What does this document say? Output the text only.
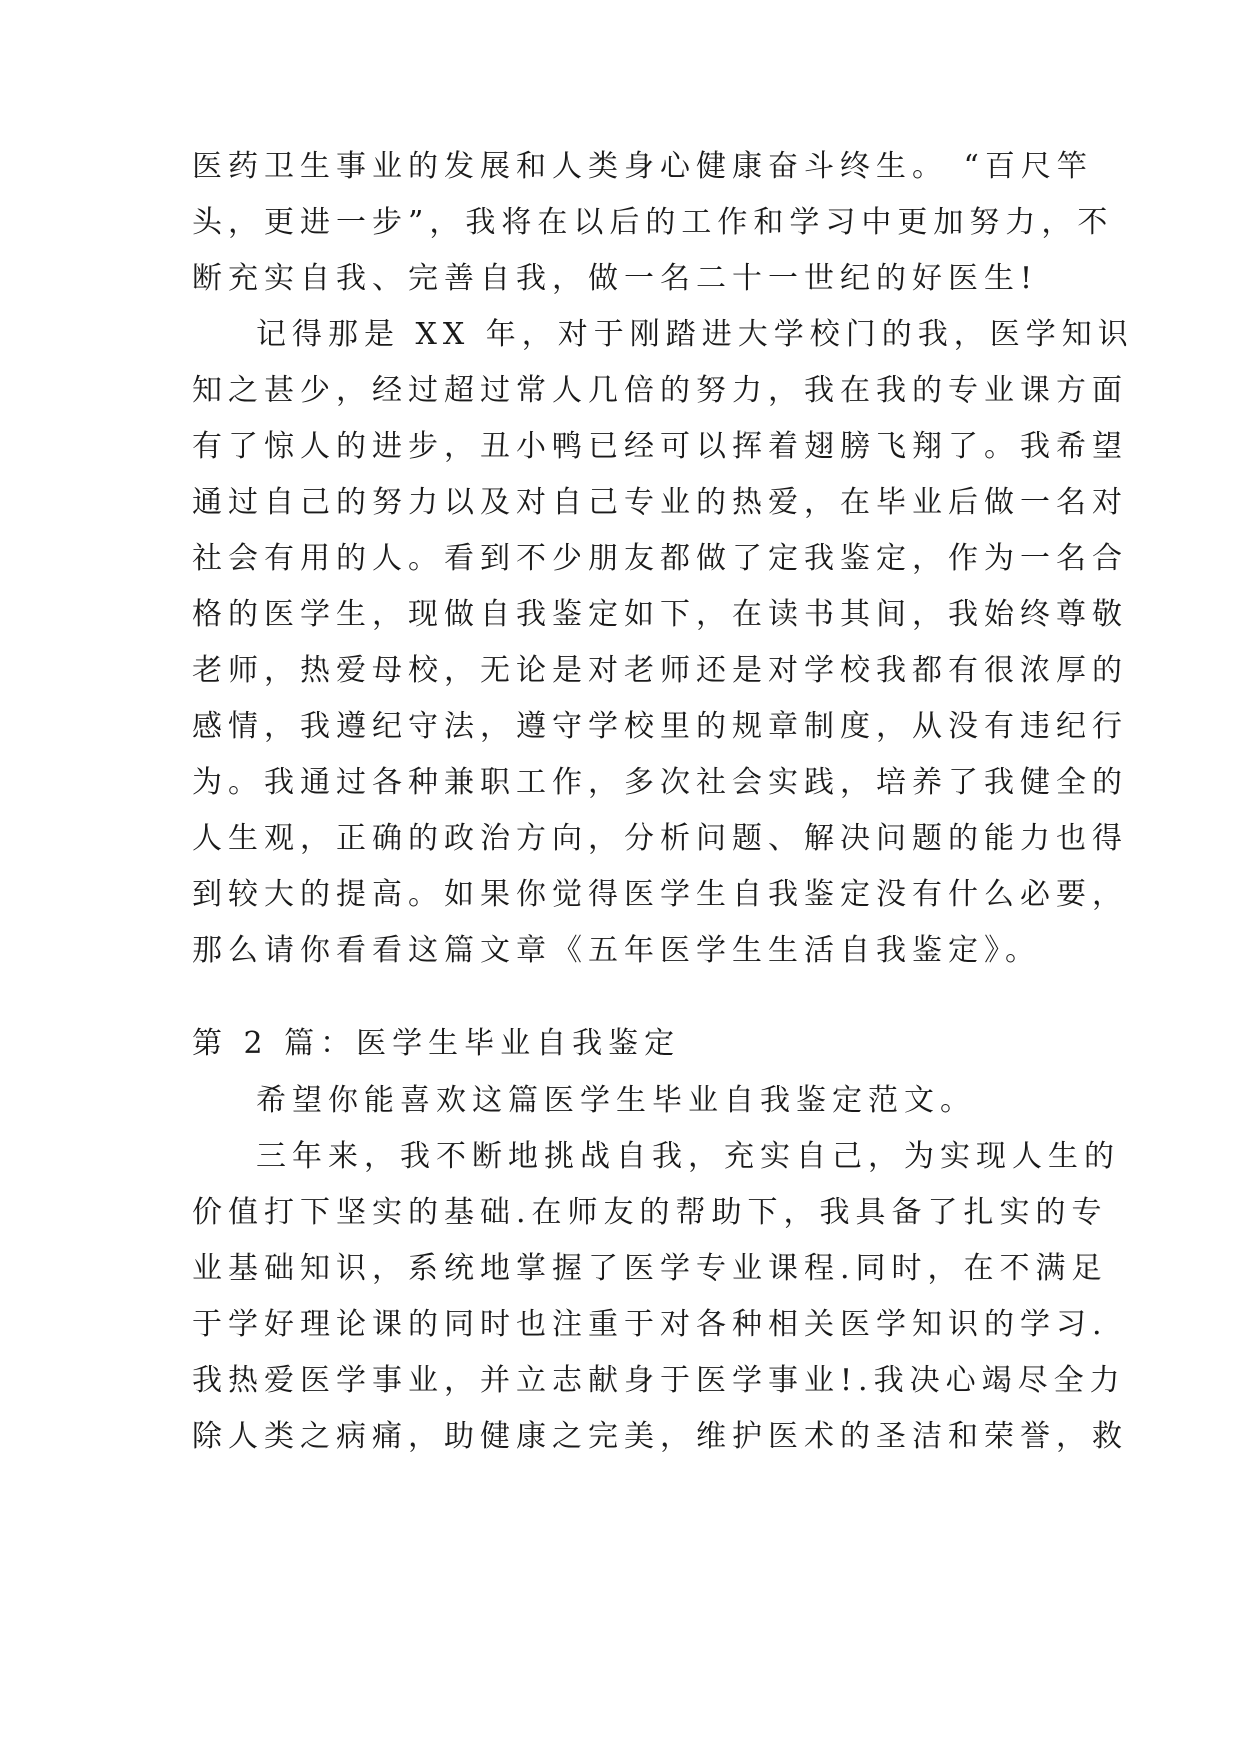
医药卫生事业的发展和人类身心健康奋斗终生。 “百尺竿
头，更进一步”，我将在以后的工作和学习中更加努力，不
断充实自我、完善自我，做一名二十一世纪的好医生!
记得那是 XX 年，对于刚踏进大学校门的我，医学知识
知之甚少，经过超过常人几倍的努力，我在我的专业课方面
有了惊人的进步，丑小鸭已经可以挥着翅膀飞翔了。我希望
通过自己的努力以及对自己专业的热爱，在毕业后做一名对
社会有用的人。看到不少朋友都做了定我鉴定，作为一名合
格的医学生，现做自我鉴定如下，在读书其间，我始终尊敬
老师，热爱母校，无论是对老师还是对学校我都有很浓厚的
感情，我遵纪守法，遵守学校里的规章制度，从没有违纪行
为。我通过各种兼职工作，多次社会实践，培养了我健全的
人生观，正确的政治方向，分析问题、解决问题的能力也得
到较大的提高。如果你觉得医学生自我鉴定没有什么必要，
那么请你看看这篇文章《五年医学生生活自我鉴定》。
第 2 篇：医学生毕业自我鉴定
希望你能喜欢这篇医学生毕业自我鉴定范文。
三年来，我不断地挑战自我，充实自己，为实现人生的
价值打下坚实的基础.在师友的帮助下，我具备了扎实的专
业基础知识，系统地掌握了医学专业课程.同时，在不满足
于学好理论课的同时也注重于对各种相关医学知识的学习.
我热爱医学事业，并立志献身于医学事业!.我决心竭尽全力
除人类之病痛，助健康之完美，维护医术的圣洁和荣誉，救
